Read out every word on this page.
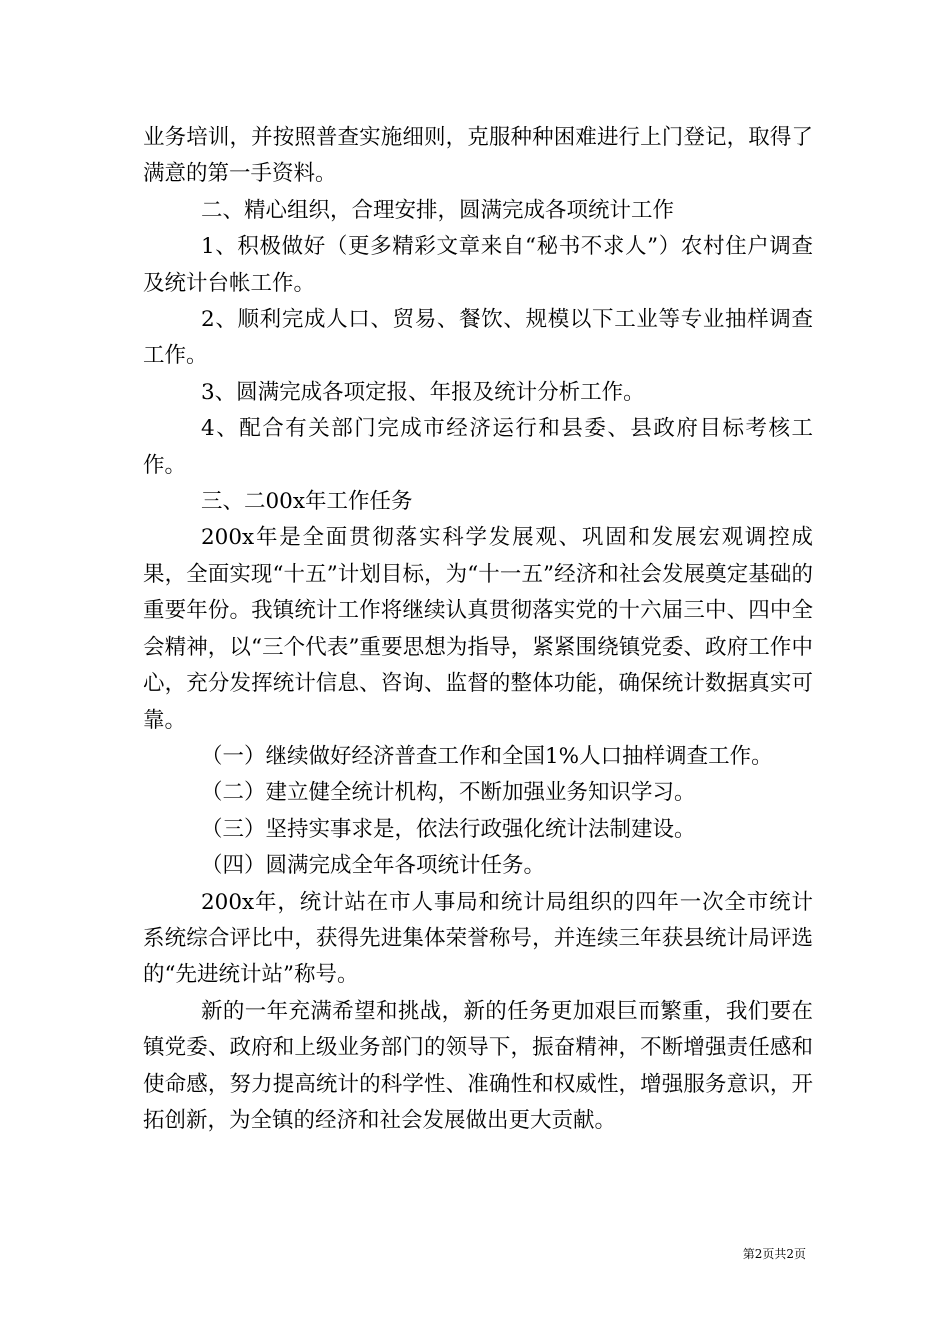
业务培训，并按照普查实施细则，克服种种困难进行上门登记，取得了满意的第一手资料。

二、精心组织，合理安排，圆满完成各项统计工作

1、积极做好（更多精彩文章来自“秘书不求人”）农村住户调查及统计台帐工作。

2、顺利完成人口、贸易、餐饮、规模以下工业等专业抽样调查工作。

3、圆满完成各项定报、年报及统计分析工作。

4、配合有关部门完成市经济运行和县委、县政府目标考核工作。

三、二00x年工作任务

200x年是全面贯彻落实科学发展观、巩固和发展宏观调控成果，全面实现“十五”计划目标，为“十一五”经济和社会发展奠定基础的重要年份。我镇统计工作将继续认真贯彻落实党的十六届三中、四中全会精神，以“三个代表”重要思想为指导，紧紧围绕镇党委、政府工作中心，充分发挥统计信息、咨询、监督的整体功能，确保统计数据真实可靠。

（一）继续做好经济普查工作和全国1%人口抽样调查工作。

（二）建立健全统计机构，不断加强业务知识学习。

（三）坚持实事求是，依法行政强化统计法制建设。

（四）圆满完成全年各项统计任务。

200x年，统计站在市人事局和统计局组织的四年一次全市统计系统综合评比中，获得先进集体荣誉称号，并连续三年获县统计局评选的“先进统计站”称号。

新的一年充满希望和挑战，新的任务更加艰巨而繁重，我们要在镇党委、政府和上级业务部门的领导下，振奋精神，不断增强责任感和使命感，努力提高统计的科学性、准确性和权威性，增强服务意识，开拓创新，为全镇的经济和社会发展做出更大贡献。

第2页共2页
